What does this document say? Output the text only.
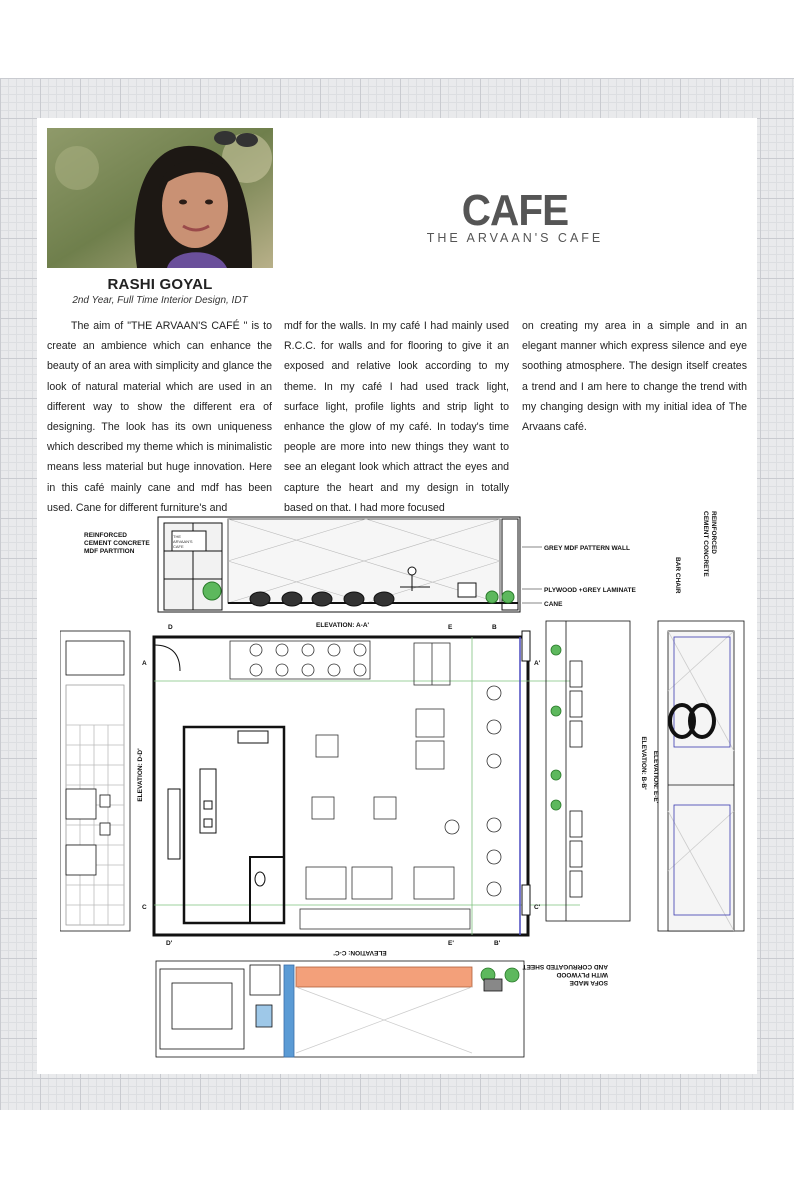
RASHI GOYAL
2nd Year, Full Time Interior Design, IDT
CAFE
THE ARVAAN'S CAFE
The aim of "THE ARVAAN'S CAFÉ " is to create an ambience which can enhance the beauty of an area with simplicity and glance the look of natural material which are used in an different way to show the different era of designing. The look has its own uniqueness which described my theme which is minimalistic means less material but huge innovation. Here in this café mainly cane and mdf has been used. Cane for different furniture's and
mdf for the walls. In my café I had mainly used R.C.C. for walls and for flooring to give it an exposed and relative look according to my theme. In my café I had used track light, surface light, profile lights and strip light to enhance the glow of my café. In today's time people are more into new things they want to see an elegant look which attract the eyes and capture the heart and my design in totally based on that. I had more focused
on creating my area in a simple and in an elegant manner which express silence and eye soothing atmosphere. The design itself creates a trend and I am here to change the trend with my changing design with my initial idea of The Arvaans café.
REINFORCED
CEMENT CONCRETE
MDF PARTITION
THE
ARVAAN'S
CAFE	GREY MDF PATTERN WALL
PLYWOOD +GREY LAMINATE
CANE
ELEVATION: A-A'
ELEVATION: D-D'
D	E	B
A	A'
C	C'
D'	E'	B'
ELEVATION: B-B' ELEVATION: E-E'
REINFORCED
CEMENT CONCRETE
BAR CHAIR
ELEVATION: C-C'
SOFA MADE
WITH PLYWOOD
AND CORRUGATED SHEET
